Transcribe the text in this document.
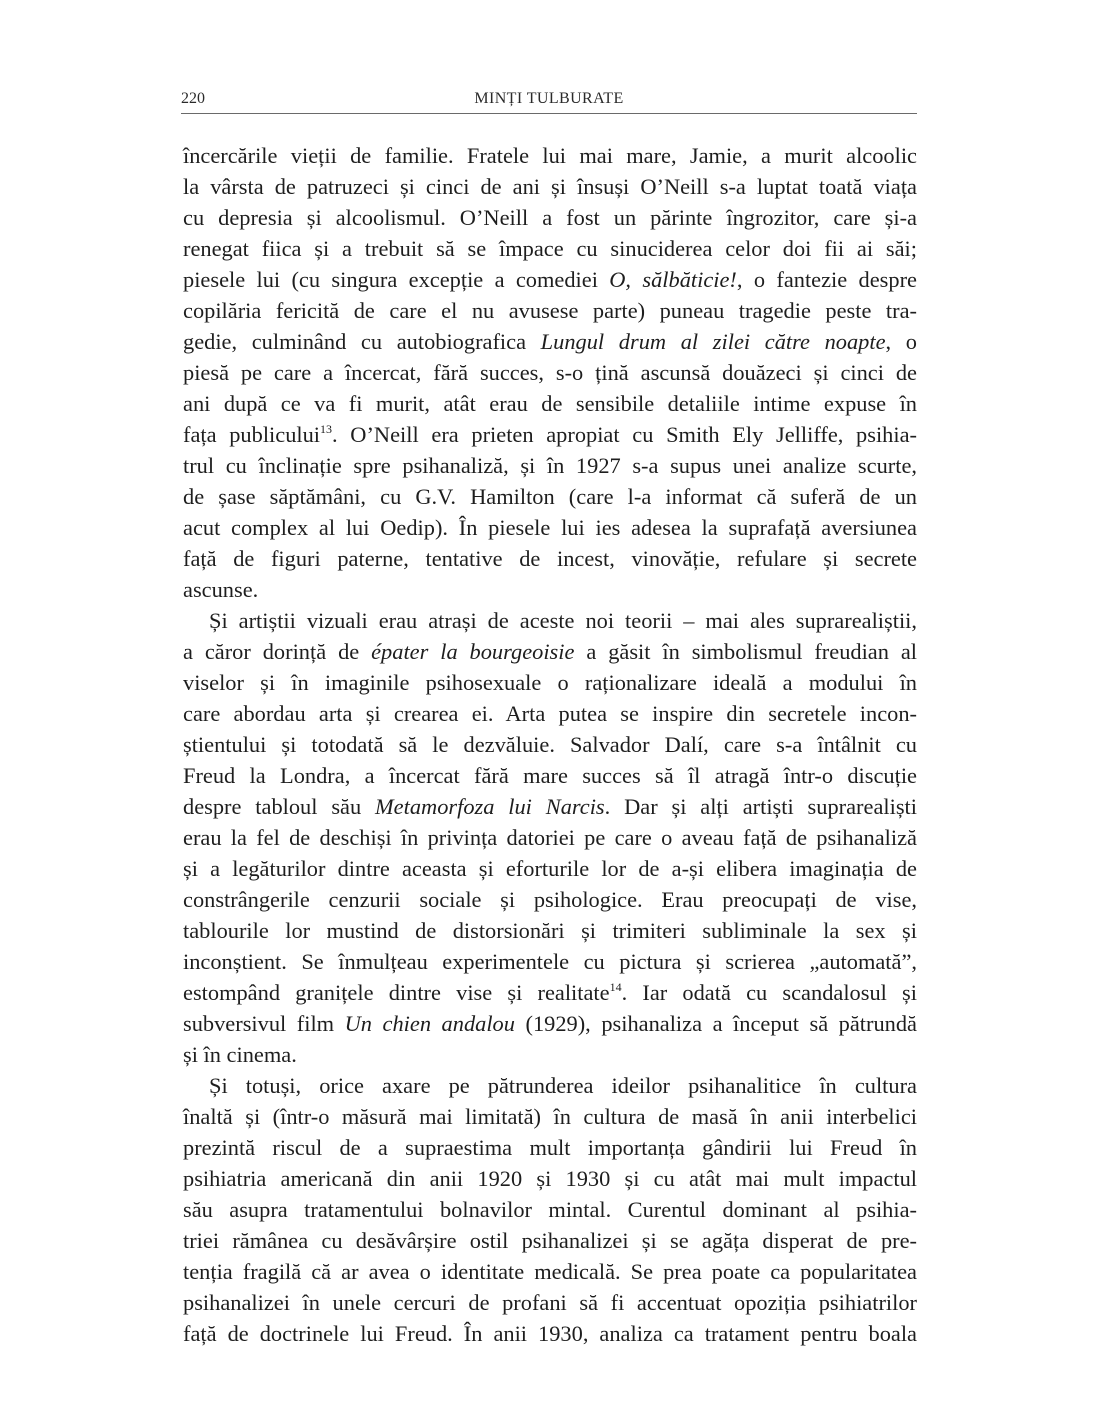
220	MINȚI TULBURATE
încercările vieții de familie. Fratele lui mai mare, Jamie, a murit alcoolic
la vârsta de patruzeci și cinci de ani și însuși O’Neill s-a luptat toată viața
cu depresia și alcoolismul. O’Neill a fost un părinte îngrozitor, care și-a
renegat fiica și a trebuit să se împace cu sinuciderea celor doi fii ai săi;
piesele lui (cu singura excepție a comediei O, sălbăticie!, o fantezie despre
copilăria fericită de care el nu avusese parte) puneau tragedie peste tra-
gedie, culminând cu autobiografica Lungul drum al zilei către noapte, o
piesă pe care a încercat, fără succes, s-o țină ascunsă douăzeci și cinci de
ani după ce va fi murit, atât erau de sensibile detaliile intime expuse în
fața publicului$^{13}$. O’Neill era prieten apropiat cu Smith Ely Jelliffe, psihia-
trul cu înclinație spre psihanaliză, și în 1927 s-a supus unei analize scurte,
de șase săptămâni, cu G.V. Hamilton (care l-a informat că suferă de un
acut complex al lui Oedip). În piesele lui ies adesea la suprafață aversiunea
față de figuri paterne, tentative de incest, vinovăție, refulare și secrete
ascunse.
Și artiștii vizuali erau atrași de aceste noi teorii – mai ales suprarealiștii,
a căror dorință de épater la bourgeoisie a găsit în simbolismul freudian al
viselor și în imaginile psihosexuale o raționalizare ideală a modului în
care abordau arta și crearea ei. Arta putea se inspire din secretele incon-
știentului și totodată să le dezvăluie. Salvador Dalí, care s-a întâlnit cu
Freud la Londra, a încercat fără mare succes să îl atragă într-o discuție
despre tabloul său Metamorfoza lui Narcis. Dar și alți artiști suprarealiști
erau la fel de deschiși în privința datoriei pe care o aveau față de psihanaliză
și a legăturilor dintre aceasta și eforturile lor de a-și elibera imaginația de
constrângerile cenzurii sociale și psihologice. Erau preocupați de vise,
tablourile lor mustind de distorsionări și trimiteri subliminale la sex și
inconștient. Se înmulțeau experimentele cu pictura și scrierea „automată”,
estompând granițele dintre vise și realitate$^{14}$. Iar odată cu scandalosul și
subversivul film Un chien andalou (1929), psihanaliza a început să pătrundă
și în cinema.
Și totuși, orice axare pe pătrunderea ideilor psihanalitice în cultura
înaltă și (într-o măsură mai limitată) în cultura de masă în anii interbelici
prezintă riscul de a supraestima mult importanța gândirii lui Freud în
psihiatria americană din anii 1920 și 1930 și cu atât mai mult impactul
său asupra tratamentului bolnavilor mintal. Curentul dominant al psihia-
triei rămânea cu desăvârșire ostil psihanalizei și se agăța disperat de pre-
tenția fragilă că ar avea o identitate medicală. Se prea poate ca popularitatea
psihanalizei în unele cercuri de profani să fi accentuat opoziția psihiatrilor
față de doctrinele lui Freud. În anii 1930, analiza ca tratament pentru boala
